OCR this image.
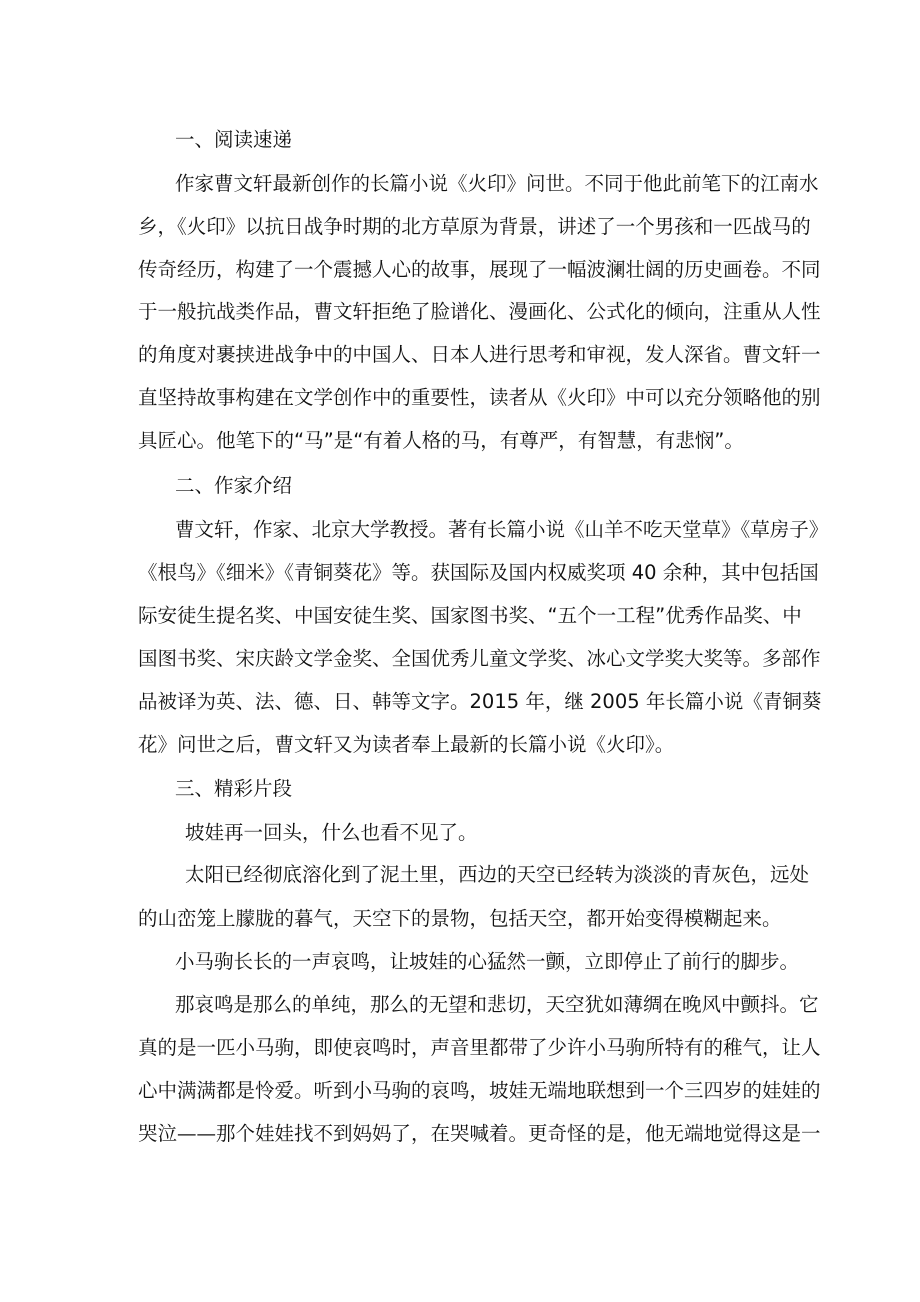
一、阅读速递

作家曹文轩最新创作的长篇小说《火印》问世。不同于他此前笔下的江南水

乡，《火印》以抗日战争时期的北方草原为背景，讲述了一个男孩和一匹战马的

传奇经历，构建了一个震撼人心的故事，展现了一幅波澜壮阔的历史画卷。不同

于一般抗战类作品，曹文轩拒绝了脸谱化、漫画化、公式化的倾向，注重从人性

的角度对裹挟进战争中的中国人、日本人进行思考和审视，发人深省。曹文轩一

直坚持故事构建在文学创作中的重要性，读者从《火印》中可以充分领略他的别

具匠心。他笔下的“马”是“有着人格的马，有尊严，有智慧，有悲悯”。

二、作家介绍

曹文轩，作家、北京大学教授。著有长篇小说《山羊不吃天堂草》《草房子》

《根鸟》《细米》《青铜葵花》等。获国际及国内权威奖项 40 余种，其中包括国

际安徒生提名奖、中国安徒生奖、国家图书奖、“五个一工程”优秀作品奖、中

国图书奖、宋庆龄文学金奖、全国优秀儿童文学奖、冰心文学奖大奖等。多部作

品被译为英、法、德、日、韩等文字。2015 年，继 2005 年长篇小说《青铜葵

花》问世之后，曹文轩又为读者奉上最新的长篇小说《火印》。

三、精彩片段

坡娃再一回头，什么也看不见了。

太阳已经彻底溶化到了泥土里，西边的天空已经转为淡淡的青灰色，远处

的山峦笼上朦胧的暮气，天空下的景物，包括天空，都开始变得模糊起来。

小马驹长长的一声哀鸣，让坡娃的心猛然一颤，立即停止了前行的脚步。

那哀鸣是那么的单纯，那么的无望和悲切，天空犹如薄绸在晚风中颤抖。它

真的是一匹小马驹，即使哀鸣时，声音里都带了少许小马驹所特有的稚气，让人

心中满满都是怜爱。听到小马驹的哀鸣，坡娃无端地联想到一个三四岁的娃娃的

哭泣——那个娃娃找不到妈妈了，在哭喊着。更奇怪的是，他无端地觉得这是一
